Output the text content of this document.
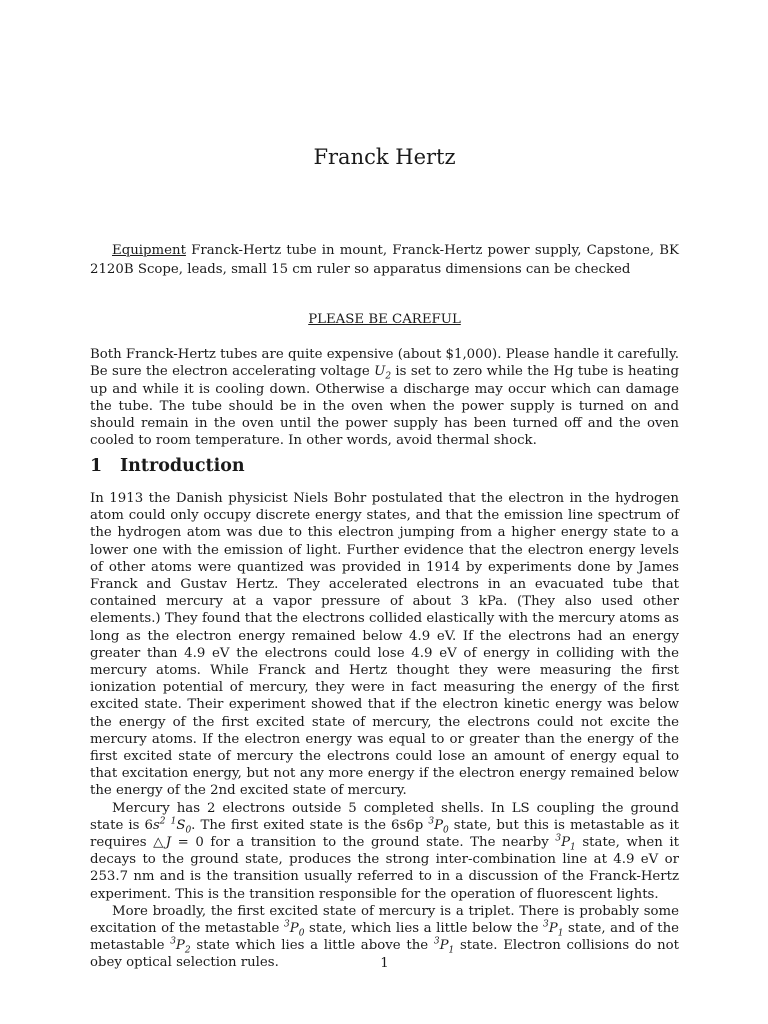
Franck Hertz
Equipment Franck-Hertz tube in mount, Franck-Hertz power supply, Capstone, BK 2120B Scope, leads, small 15 cm ruler so apparatus dimensions can be checked
PLEASE BE CAREFUL
Both Franck-Hertz tubes are quite expensive (about $1,000). Please handle it carefully. Be sure the electron accelerating voltage $U_2$ is set to zero while the Hg tube is heating up and while it is cooling down. Otherwise a discharge may occur which can damage the tube. The tube should be in the oven when the power supply is turned on and should remain in the oven until the power supply has been turned off and the oven cooled to room temperature. In other words, avoid thermal shock.
1 Introduction

In 1913 the Danish physicist Niels Bohr postulated that the electron in the hydrogen atom could only occupy discrete energy states, and that the emission line spectrum of the hydrogen atom was due to this electron jumping from a higher energy state to a lower one with the emission of light. Further evidence that the electron energy levels of other atoms were quantized was provided in 1914 by experiments done by James Franck and Gustav Hertz. They accelerated electrons in an evacuated tube that contained mercury at a vapor pressure of about 3 kPa. (They also used other elements.) They found that the electrons collided elastically with the mercury atoms as long as the electron energy remained below 4.9 eV. If the electrons had an energy greater than 4.9 eV the electrons could lose 4.9 eV of energy in colliding with the mercury atoms. While Franck and Hertz thought they were measuring the first ionization potential of mercury, they were in fact measuring the energy of the first excited state. Their experiment showed that if the electron kinetic energy was below the energy of the first excited state of mercury, the electrons could not excite the mercury atoms. If the electron energy was equal to or greater than the energy of the first excited state of mercury the electrons could lose an amount of energy equal to that excitation energy, but not any more energy if the electron energy remained below the energy of the 2nd excited state of mercury.

Mercury has 2 electrons outside 5 completed shells. In LS coupling the ground state is $6s^2$ $^1S_0$. The first exited state is the 6s6p $^3P_0$ state, but this is metastable as it requires △J = 0 for a transition to the ground state. The nearby $^3P_1$ state, when it decays to the ground state, produces the strong inter-combination line at 4.9 eV or 253.7 nm and is the transition usually referred to in a discussion of the Franck-Hertz experiment. This is the transition responsible for the operation of fluorescent lights.

More broadly, the first excited state of mercury is a triplet. There is probably some excitation of the metastable $^3P_0$ state, which lies a little below the $^3P_1$ state, and of the metastable $^3P_2$ state which lies a little above the $^3P_1$ state. Electron collisions do not obey optical selection rules.	1
